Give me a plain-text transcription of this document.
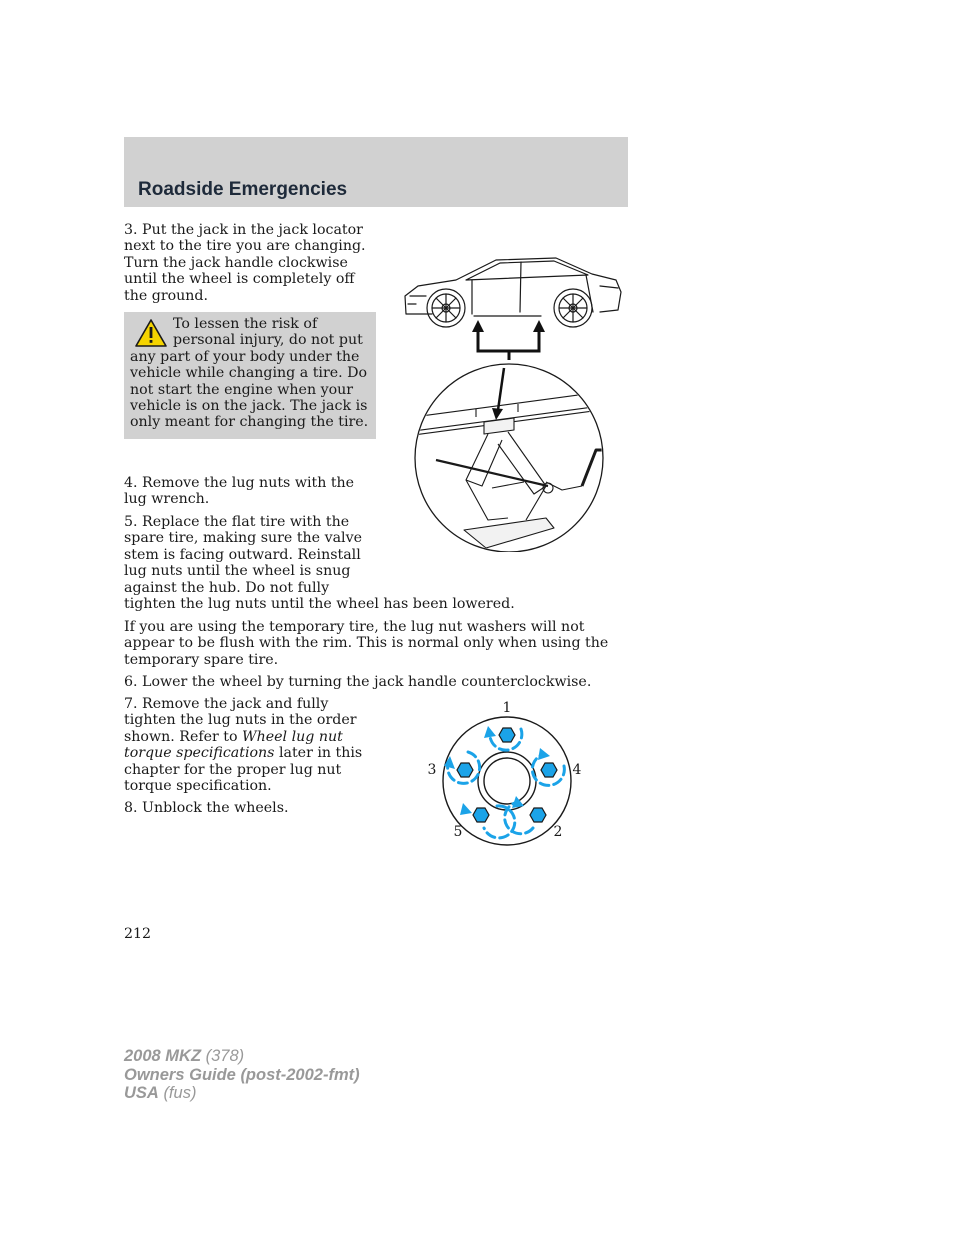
Roadside Emergencies

3. Put the jack in the jack locator next to the tire you are changing. Turn the jack handle clockwise until the wheel is completely off the ground.

To lessen the risk of personal injury, do not put any part of your body under the vehicle while changing a tire. Do not start the engine when your vehicle is on the jack. The jack is only meant for changing the tire.

4. Remove the lug nuts with the lug wrench.

5. Replace the flat tire with the spare tire, making sure the valve stem is facing outward. Reinstall lug nuts until the wheel is snug against the hub. Do not fully tighten the lug nuts until the wheel has been lowered.

If you are using the temporary tire, the lug nut washers will not appear to be flush with the rim. This is normal only when using the temporary spare tire.

6. Lower the wheel by turning the jack handle counterclockwise.

7. Remove the jack and fully tighten the lug nuts in the order shown. Refer to Wheel lug nut torque specifications later in this chapter for the proper lug nut torque specification.

8. Unblock the wheels.

1
4
3
2
5

212

2008 MKZ (378)
Owners Guide (post-2002-fmt)
USA (fus)
